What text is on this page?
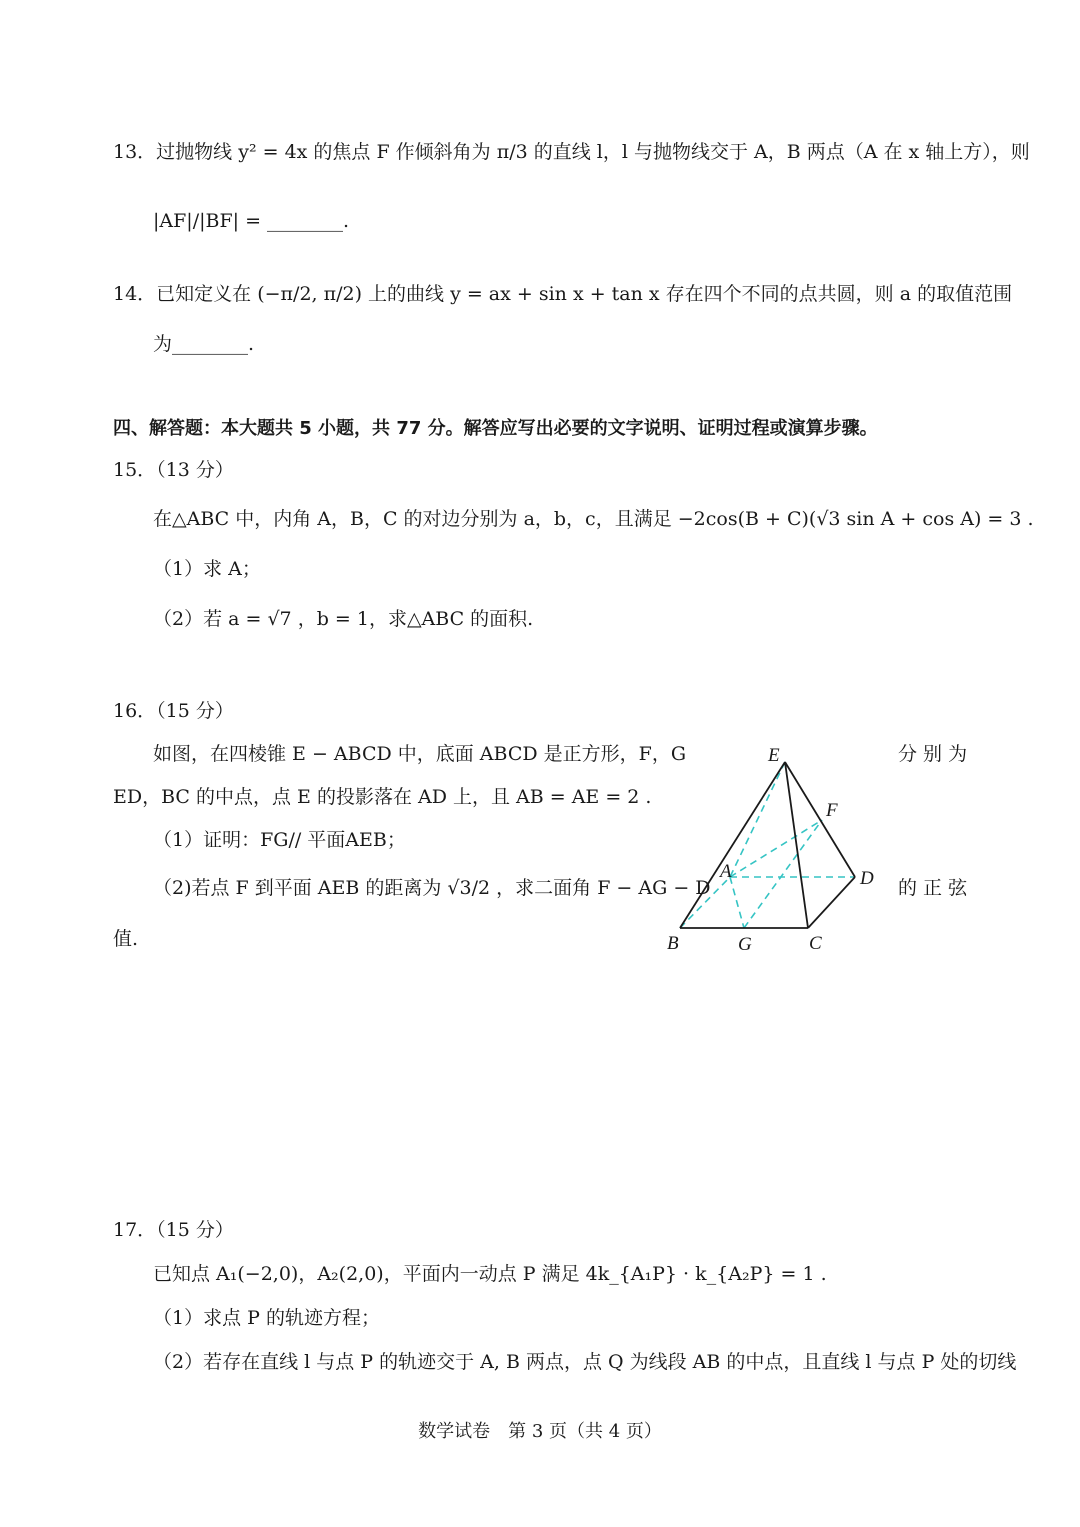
13．过抛物线 y² = 4x 的焦点 F 作倾斜角为 π/3 的直线 l，l 与抛物线交于 A，B 两点（A 在 x 轴上方），则
|AF|/|BF| = ________.
14．已知定义在 (−π/2, π/2) 上的曲线 y = ax + sin x + tan x 存在四个不同的点共圆，则 a 的取值范围
为________.
四、解答题：本大题共 5 小题，共 77 分。解答应写出必要的文字说明、证明过程或演算步骤。
15．（13 分）
在△ABC 中，内角 A，B，C 的对边分别为 a，b，c，且满足 −2cos(B + C)(√3 sin A + cos A) = 3 .
（1）求 A；
（2）若 a = √7 ，b = 1，求△ABC 的面积.
16．（15 分）
如图，在四棱锥 E − ABCD 中，底面 ABCD 是正方形，F，G	分 别 为
ED，BC 的中点，点 E 的投影落在 AD 上，且 AB = AE = 2 .
（1）证明：FG// 平面AEB；
（2)若点 F 到平面 AEB 的距离为 √3/2 ，求二面角 F − AG − D	的 正 弦
值.
E
F
A	D
B	G	C
17．（15 分）
已知点 A₁(−2,0)，A₂(2,0)，平面内一动点 P 满足 4k_{A₁P} · k_{A₂P} = 1 .
（1）求点 P 的轨迹方程；
（2）若存在直线 l 与点 P 的轨迹交于 A, B 两点，点 Q 为线段 AB 的中点，且直线 l 与点 P 处的切线
数学试卷　第 3 页（共 4 页）
